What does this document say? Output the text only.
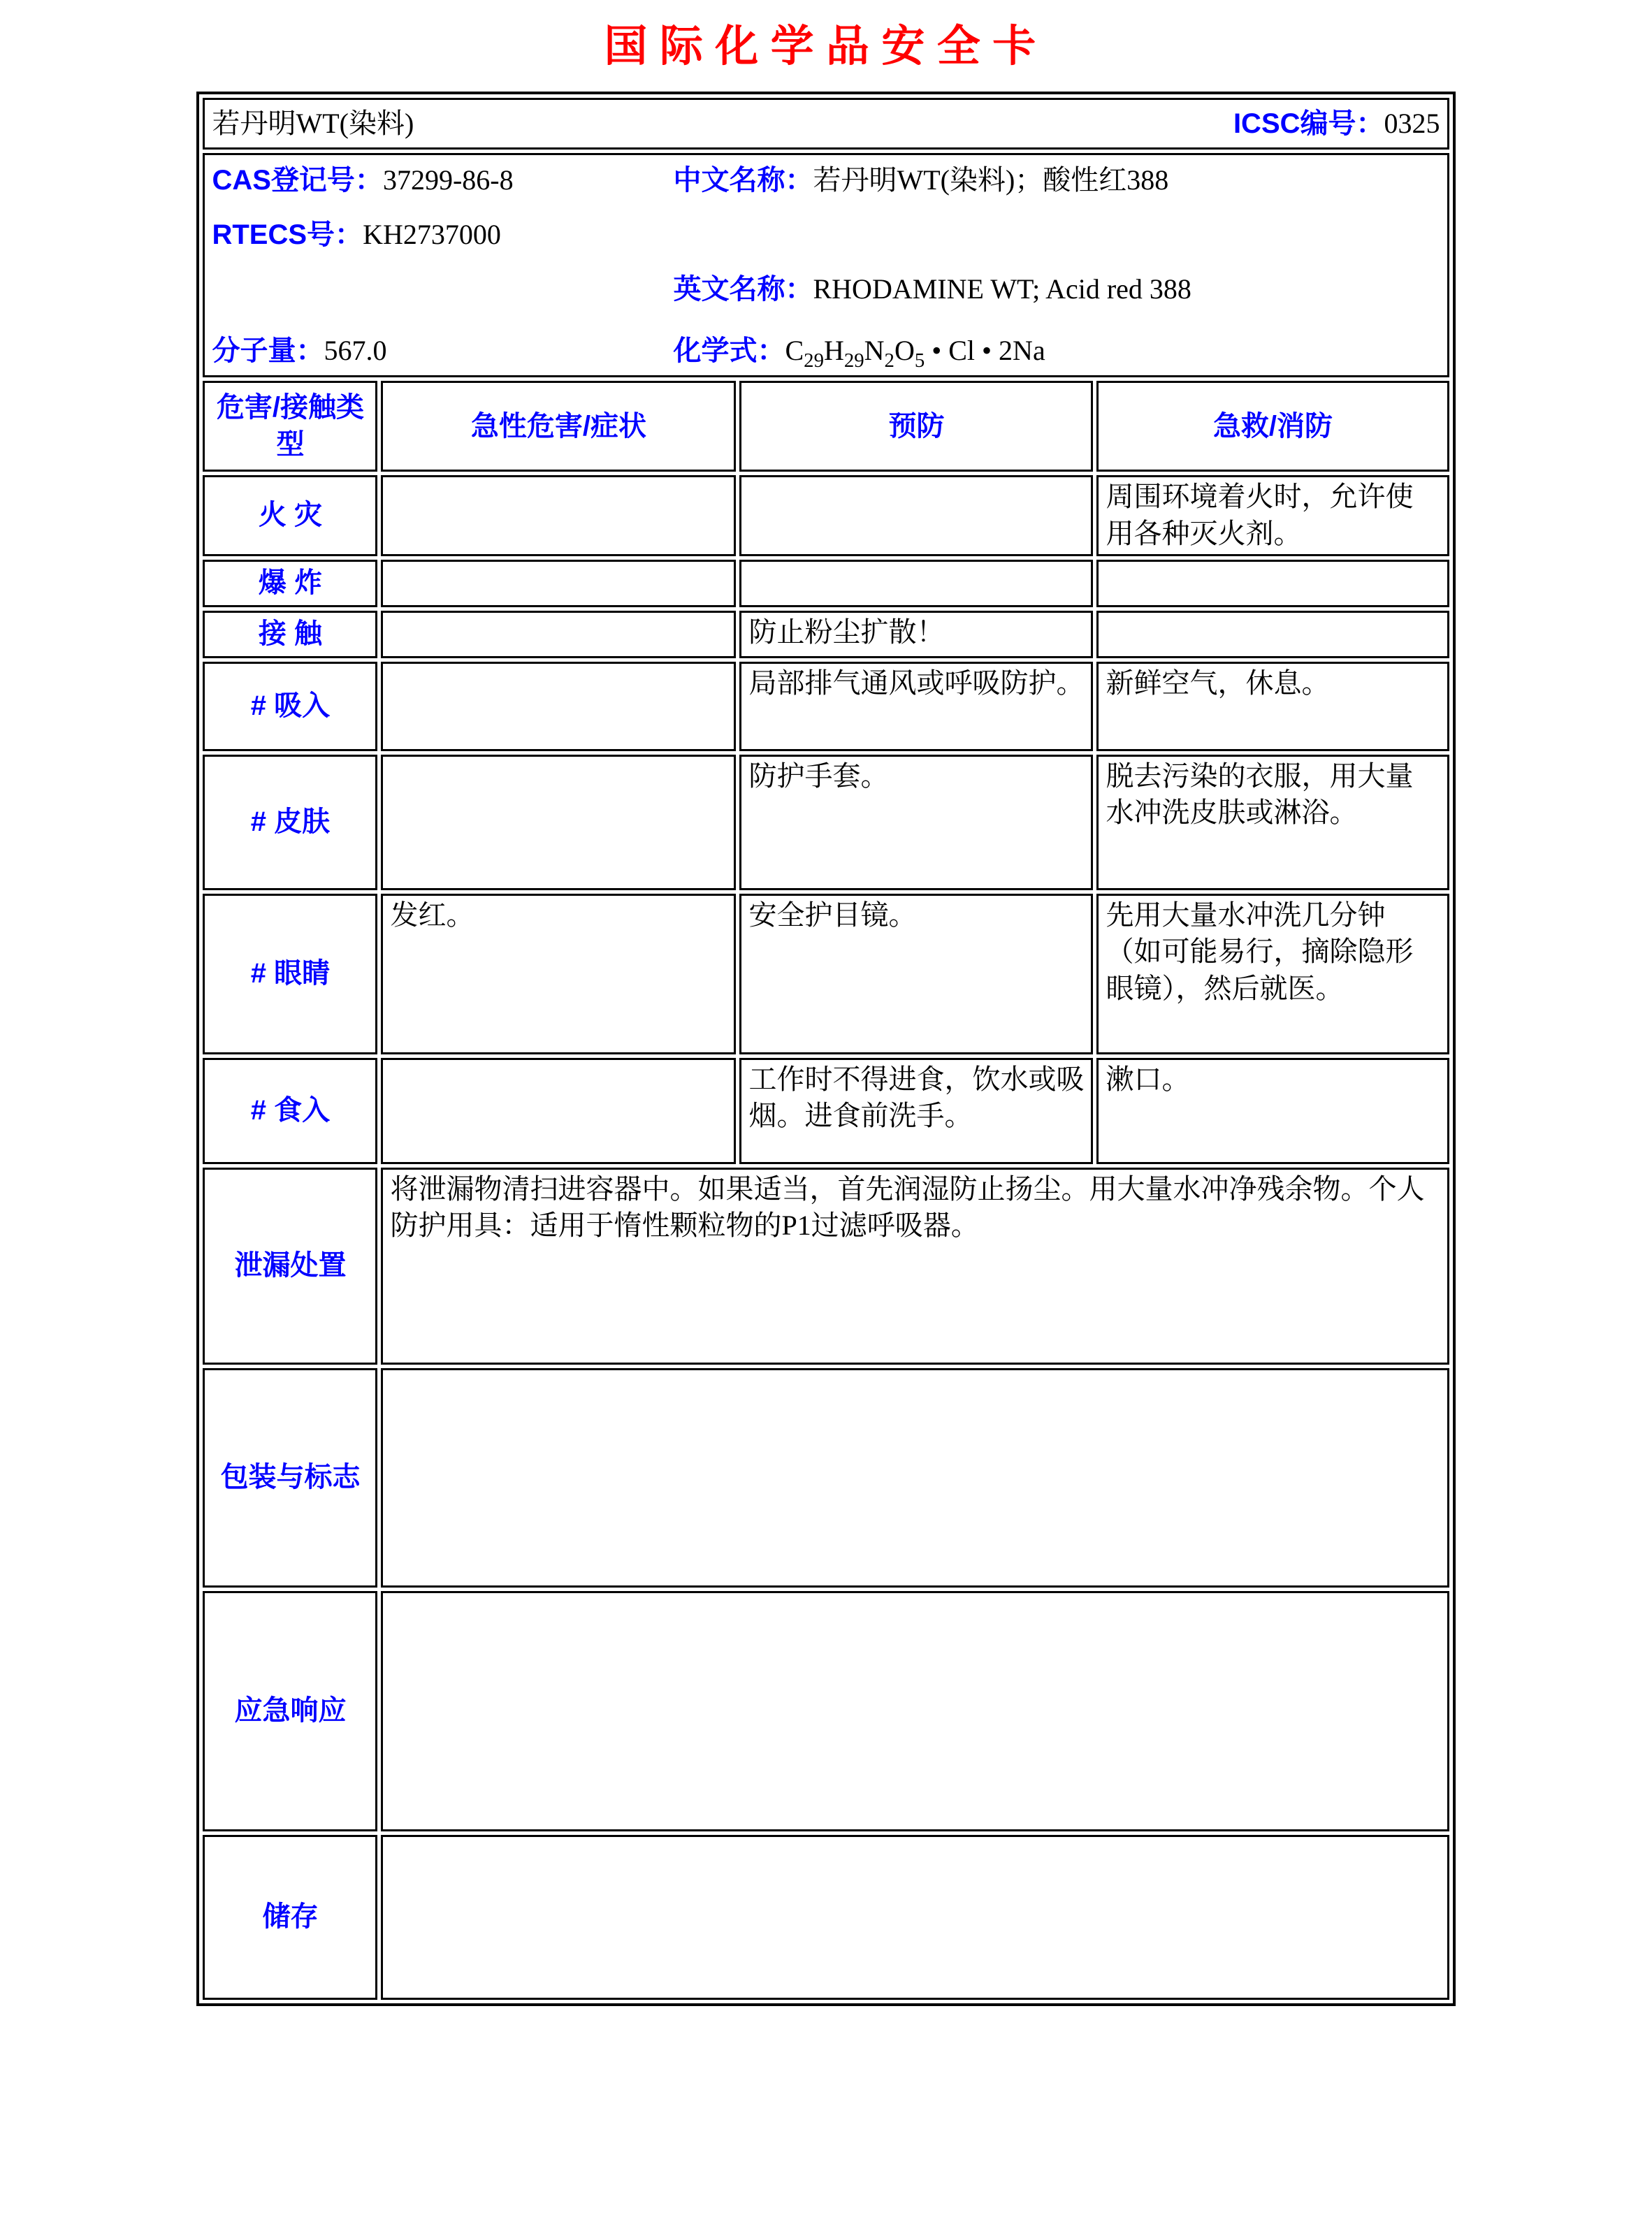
国际化学品安全卡
若丹明WT(染料) ICSC编号：0325			

CAS登记号：37299-86-8	中文名称：若丹明WT(染料)；酸性红388
RTECS号：KH2737000
英文名称：RHODAMINE WT; Acid red 388
分子量：567.0	化学式：$C_{29}H_{29}N_2O_5$ • Cl • 2Na

危害/接触类型	急性危害/症状	预防	急救/消防
火 灾			周围环境着火时，允许使用各种灭火剂。
爆 炸			
接 触		防止粉尘扩散！	
# 吸入		局部排气通风或呼吸防护。	新鲜空气，休息。
# 皮肤		防护手套。	脱去污染的衣服，用大量水冲洗皮肤或淋浴。
# 眼睛	发红。	安全护目镜。	先用大量水冲洗几分钟（如可能易行，摘除隐形眼镜），然后就医。
# 食入		工作时不得进食，饮水或吸烟。进食前洗手。	漱口。
泄漏处置	将泄漏物清扫进容器中。如果适当，首先润湿防止扬尘。用大量水冲净残余物。个人防护用具：适用于惰性颗粒物的P1过滤呼吸器。		
包装与标志			
应急响应			
储存			
